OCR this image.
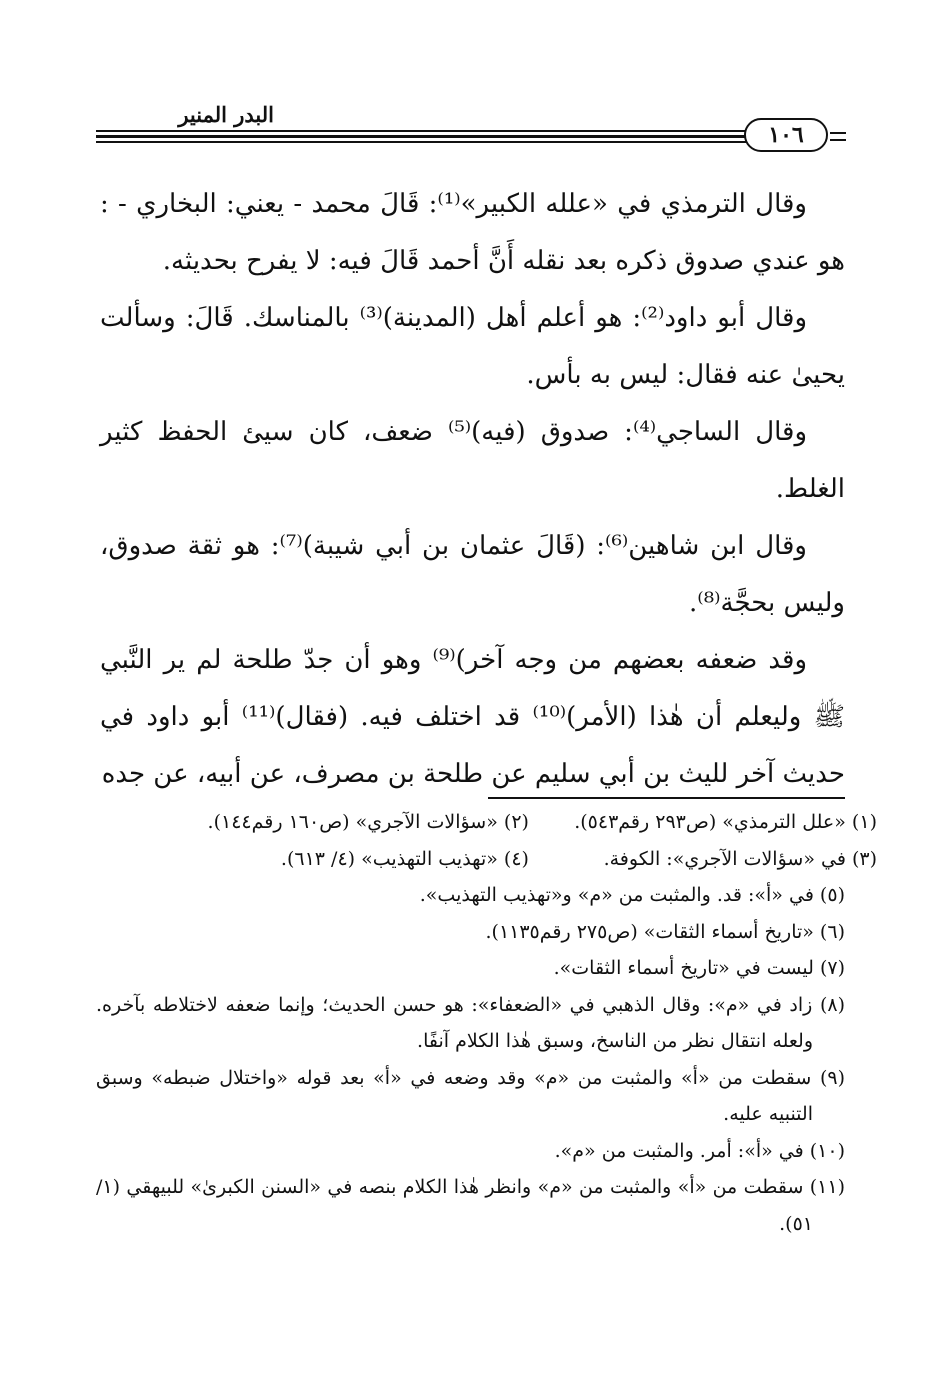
البدر المنير
١٠٦

وقال الترمذي في «علله الكبير»⁽¹⁾: قَالَ محمد - يعني: البخاري - : هو عندي صدوق ذكره بعد نقله أَنَّ أحمد قَالَ فيه: لا يفرح بحديثه.

وقال أبو داود⁽²⁾: هو أعلم أهل (المدينة)⁽³⁾ بالمناسك. قَالَ: وسألت يحيىٰ عنه فقال: ليس به بأس.

وقال الساجي⁽⁴⁾: صدوق (فيه)⁽⁵⁾ ضعف، كان سيئ الحفظ كثير الغلط.

وقال ابن شاهين⁽⁶⁾: (قَالَ عثمان بن أبي شيبة)⁽⁷⁾: هو ثقة صدوق، وليس بحجَّة⁽⁸⁾.

وقد ضعفه بعضهم من وجه آخر)⁽⁹⁾ وهو أن جدّ طلحة لم ير النَّبي ﷺ وليعلم أن هٰذا (الأمر)⁽¹⁰⁾ قد اختلف فيه. (فقال)⁽¹¹⁾ أبو داود في حديث آخر لليث بن أبي سليم عن طلحة بن مصرف، عن أبيه، عن جده

(١) «علل الترمذي» (ص٢٩٣ رقم٥٤٣). (٢) «سؤالات الآجري» (ص١٦٠ رقم١٤٤).

(٣) في «سؤالات الآجري»: الكوفة. (٤) «تهذيب التهذيب» (٤/ ٦١٣).

(٥) في «أ»: قد. والمثبت من «م» و«تهذيب التهذيب».

(٦) «تاريخ أسماء الثقات» (ص٢٧٥ رقم١١٣٥).

(٧) ليست في «تاريخ أسماء الثقات».

(٨) زاد في «م»: وقال الذهبي في «الضعفاء»: هو حسن الحديث؛ وإنما ضعفه لاختلاطه بآخره. ولعله انتقال نظر من الناسخ، وسبق هٰذا الكلام آنفًا.

(٩) سقطت من «أ» والمثبت من «م» وقد وضعه في «أ» بعد قوله «واختلال ضبطه» وسبق التنبيه عليه.

(١٠) في «أ»: أمر. والمثبت من «م».

(١١) سقطت من «أ» والمثبت من «م» وانظر هٰذا الكلام بنصه في «السنن الكبرىٰ» للبيهقي (١/ ٥١).
